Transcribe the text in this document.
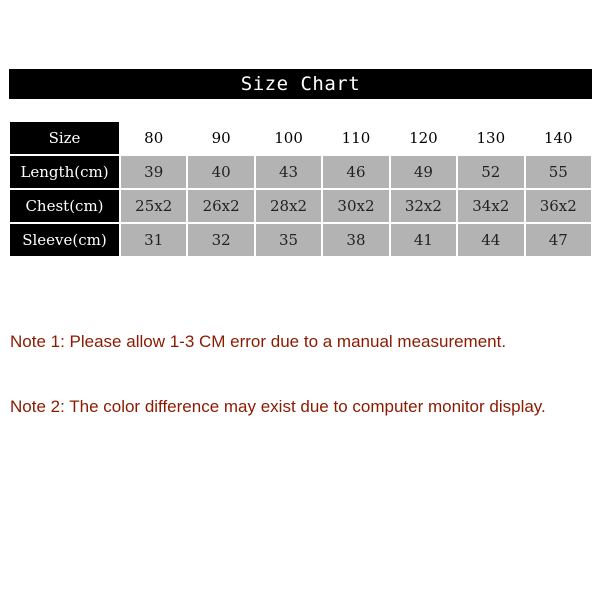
Size Chart
Size	80	90	100	110	120	130	140
Length(cm)	39	40	43	46	49	52	55
Chest(cm)	25x2	26x2	28x2	30x2	32x2	34x2	36x2
Sleeve(cm)	31	32	35	38	41	44	47
Note 1: Please allow 1-3 CM error due to a manual measurement.
Note 2: The color difference may exist due to computer monitor display.
